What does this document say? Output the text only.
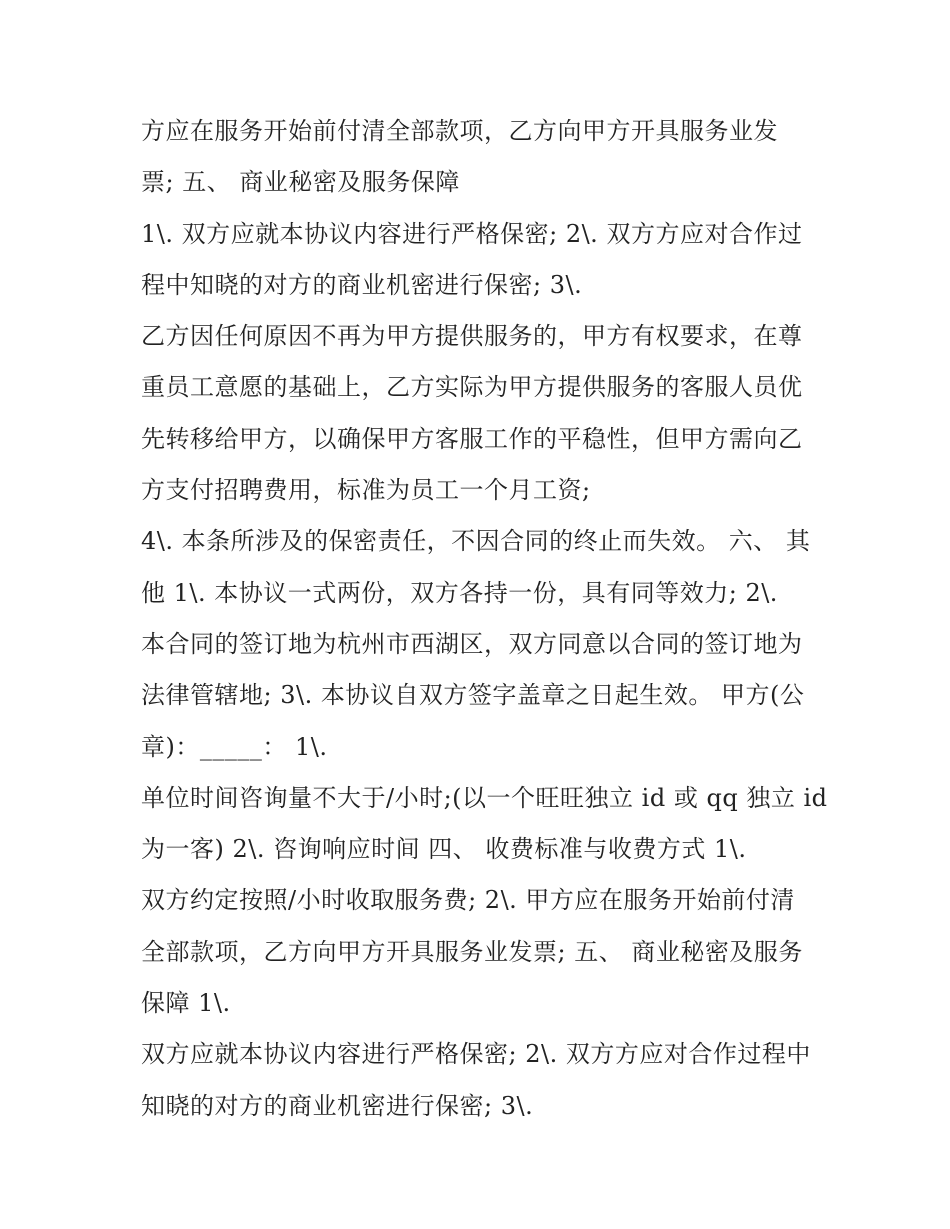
方应在服务开始前付清全部款项，乙方向甲方开具服务业发
票; 五、 商业秘密及服务保障
1\. 双方应就本协议内容进行严格保密; 2\. 双方方应对合作过
程中知晓的对方的商业机密进行保密; 3\.
乙方因任何原因不再为甲方提供服务的，甲方有权要求，在尊
重员工意愿的基础上，乙方实际为甲方提供服务的客服人员优
先转移给甲方，以确保甲方客服工作的平稳性，但甲方需向乙
方支付招聘费用，标准为员工一个月工资;
4\. 本条所涉及的保密责任，不因合同的终止而失效。 六、 其
他 1\. 本协议一式两份，双方各持一份，具有同等效力; 2\.
本合同的签订地为杭州市西湖区，双方同意以合同的签订地为
法律管辖地; 3\. 本协议自双方签字盖章之日起生效。 甲方(公
章)：_____： 1\.
单位时间咨询量不大于/小时;(以一个旺旺独立 id 或 qq 独立 id
为一客) 2\. 咨询响应时间 四、 收费标准与收费方式 1\.
双方约定按照/小时收取服务费; 2\. 甲方应在服务开始前付清
全部款项，乙方向甲方开具服务业发票; 五、 商业秘密及服务
保障 1\.
双方应就本协议内容进行严格保密; 2\. 双方方应对合作过程中
知晓的对方的商业机密进行保密; 3\.
